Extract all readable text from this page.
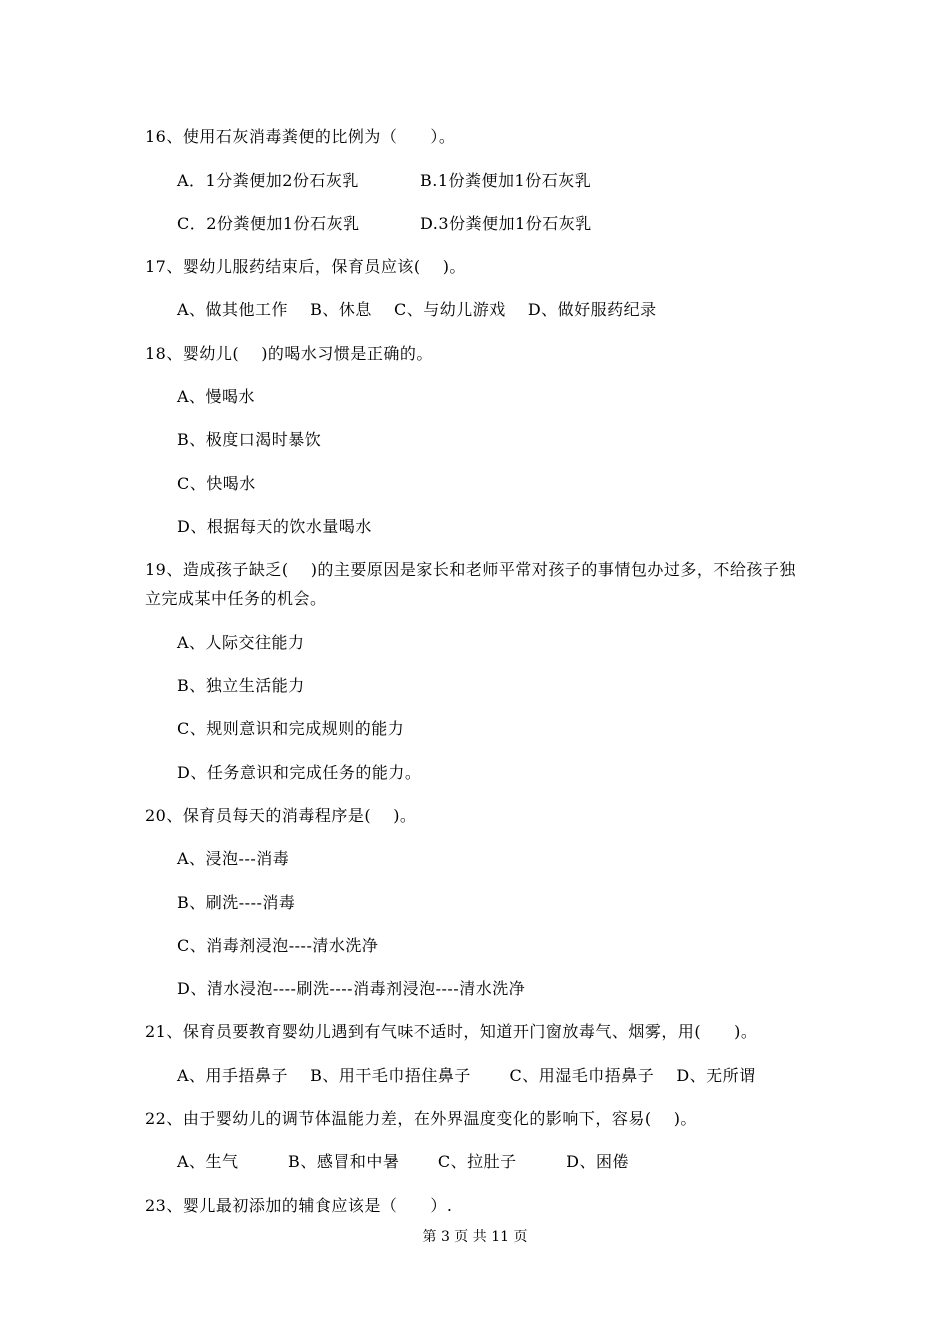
16、使用石灰消毒粪便的比例为（　　）。
A．1分粪便加2份石灰乳	B.1份粪便加1份石灰乳
C．2份粪便加1份石灰乳	D.3份粪便加1份石灰乳
17、婴幼儿服药结束后，保育员应该(　 )。
A、做其他工作　 B、休息　 C、与幼儿游戏　 D、做好服药纪录
18、婴幼儿(　 )的喝水习惯是正确的。
A、慢喝水
B、极度口渴时暴饮
C、快喝水
D、根据每天的饮水量喝水
19、造成孩子缺乏(　 )的主要原因是家长和老师平常对孩子的事情包办过多，不给孩子独
立完成某中任务的机会。
A、人际交往能力
B、独立生活能力
C、规则意识和完成规则的能力
D、任务意识和完成任务的能力。
20、保育员每天的消毒程序是(　 )。
A、浸泡---消毒
B、刷洗----消毒
C、消毒剂浸泡----清水洗净
D、清水浸泡----刷洗----消毒剂浸泡----清水洗净
21、保育员要教育婴幼儿遇到有气味不适时，知道开门窗放毒气、烟雾，用(　　)。
A、用手捂鼻子　 B、用干毛巾捂住鼻子　　 C、用湿毛巾捂鼻子　 D、无所谓
22、由于婴幼儿的调节体温能力差，在外界温度变化的影响下，容易(　 )。
A、生气　　　B、感冒和中暑　　 C、拉肚子　　　D、困倦
23、婴儿最初添加的辅食应该是（　　）.
第 3 页 共 11 页
